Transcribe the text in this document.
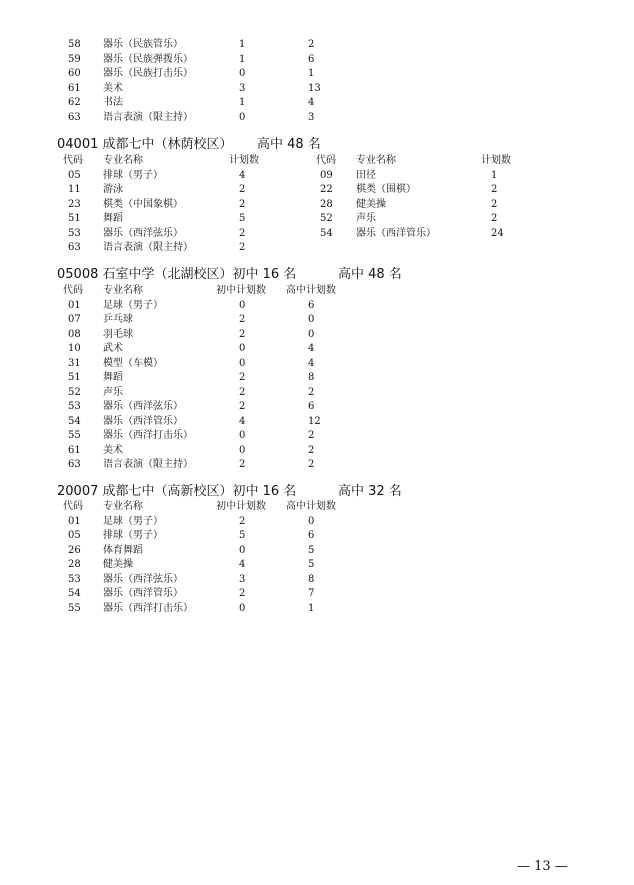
58 器乐（民族管乐）	1	2
59 器乐（民族弹拨乐）	1	6
60 器乐（民族打击乐）	0	1
61 美术	3	13
62 书法	1	4
63 语言表演（限主持）	0	3
04001 成都七中（林荫校区） 高中 48 名
代码 专业名称	计划数	代码 专业名称	计划数
05 排球（男子）	4	09 田径	1
11 游泳	2	22 棋类（围棋）	2
23 棋类（中国象棋）	2	28 健美操	2
51 舞蹈	5	52 声乐	2
53 器乐（西洋弦乐）	2	54 器乐（西洋管乐）	24
63 语言表演（限主持）	2
05008 石室中学（北湖校区）初中 16 名	高中 48 名
代码 专业名称	初中计划数 高中计划数
01 足球（男子）	0	6
07 乒乓球	2	0
08 羽毛球	2	0
10 武术	0	4
31 模型（车模）	0	4
51 舞蹈	2	8
52 声乐	2	2
53 器乐（西洋弦乐）	2	6
54 器乐（西洋管乐）	4	12
55 器乐（西洋打击乐）	0	2
61 美术	0	2
63 语言表演（限主持）	2	2
20007 成都七中（高新校区）初中 16 名	高中 32 名
代码 专业名称	初中计划数 高中计划数
01 足球（男子）	2	0
05 排球（男子）	5	6
26 体育舞蹈	0	5
28 健美操	4	5
53 器乐（西洋弦乐）	3	8
54 器乐（西洋管乐）	2	7
55 器乐（西洋打击乐）	0	1
— 13 —
